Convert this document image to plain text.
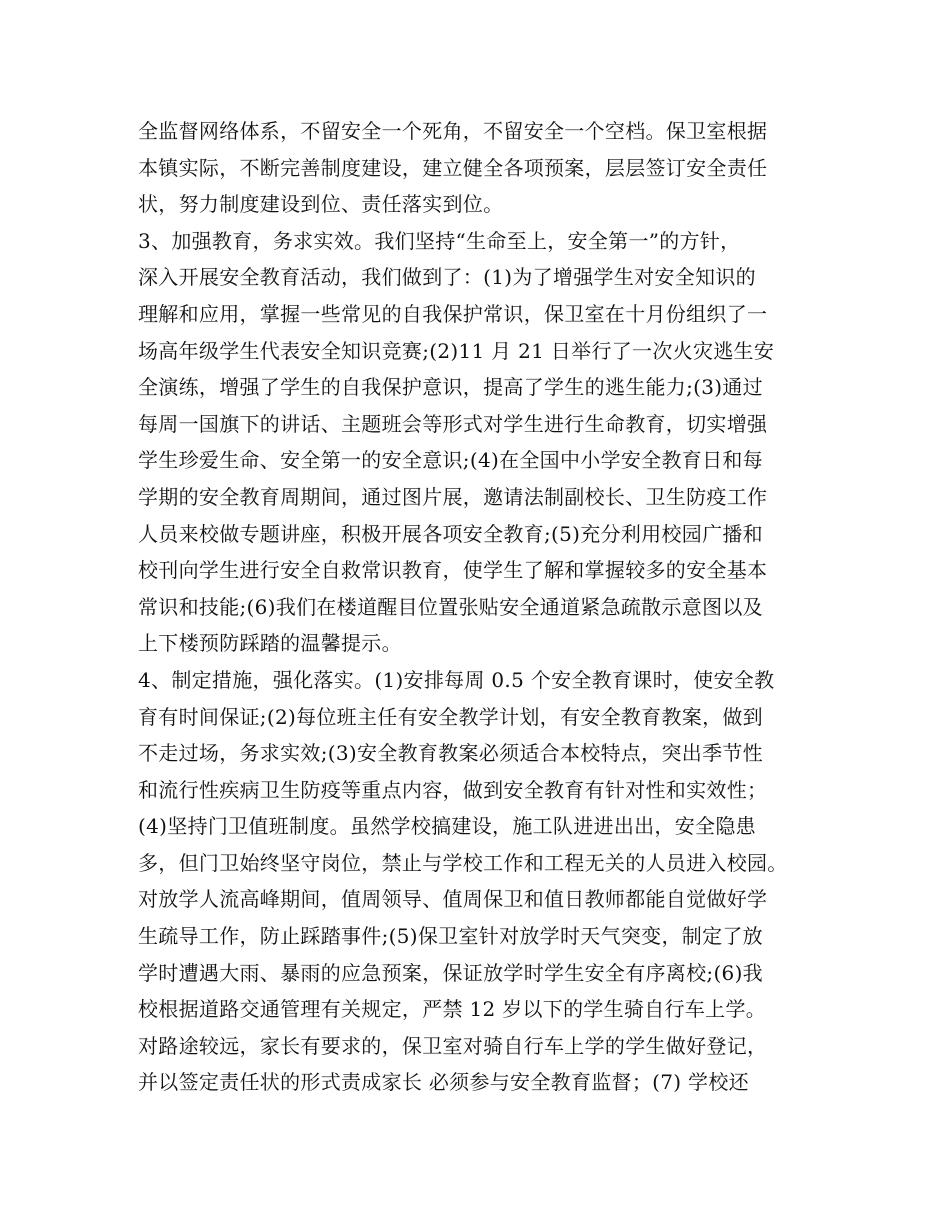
全监督网络体系，不留安全一个死角，不留安全一个空档。保卫室根据
本镇实际，不断完善制度建设，建立健全各项预案，层层签订安全责任
状，努力制度建设到位、责任落实到位。
3、加强教育，务求实效。我们坚持“生命至上，安全第一”的方针，
深入开展安全教育活动，我们做到了：(1)为了增强学生对安全知识的
理解和应用，掌握一些常见的自我保护常识，保卫室在十月份组织了一
场高年级学生代表安全知识竞赛;(2)11 月 21 日举行了一次火灾逃生安
全演练，增强了学生的自我保护意识，提高了学生的逃生能力;(3)通过
每周一国旗下的讲话、主题班会等形式对学生进行生命教育，切实增强
学生珍爱生命、安全第一的安全意识;(4)在全国中小学安全教育日和每
学期的安全教育周期间，通过图片展，邀请法制副校长、卫生防疫工作
人员来校做专题讲座，积极开展各项安全教育;(5)充分利用校园广播和
校刊向学生进行安全自救常识教育，使学生了解和掌握较多的安全基本
常识和技能;(6)我们在楼道醒目位置张贴安全通道紧急疏散示意图以及
上下楼预防踩踏的温馨提示。
4、制定措施，强化落实。(1)安排每周 0.5 个安全教育课时，使安全教
育有时间保证;(2)每位班主任有安全教学计划，有安全教育教案，做到
不走过场，务求实效;(3)安全教育教案必须适合本校特点，突出季节性
和流行性疾病卫生防疫等重点内容，做到安全教育有针对性和实效性；
(4)坚持门卫值班制度。虽然学校搞建设，施工队进进出出，安全隐患
多，但门卫始终坚守岗位，禁止与学校工作和工程无关的人员进入校园。
对放学人流高峰期间，值周领导、值周保卫和值日教师都能自觉做好学
生疏导工作，防止踩踏事件;(5)保卫室针对放学时天气突变，制定了放
学时遭遇大雨、暴雨的应急预案，保证放学时学生安全有序离校;(6)我
校根据道路交通管理有关规定，严禁 12 岁以下的学生骑自行车上学。
对路途较远，家长有要求的，保卫室对骑自行车上学的学生做好登记，
并以签定责任状的形式责成家长 必须参与安全教育监督；(7) 学校还
